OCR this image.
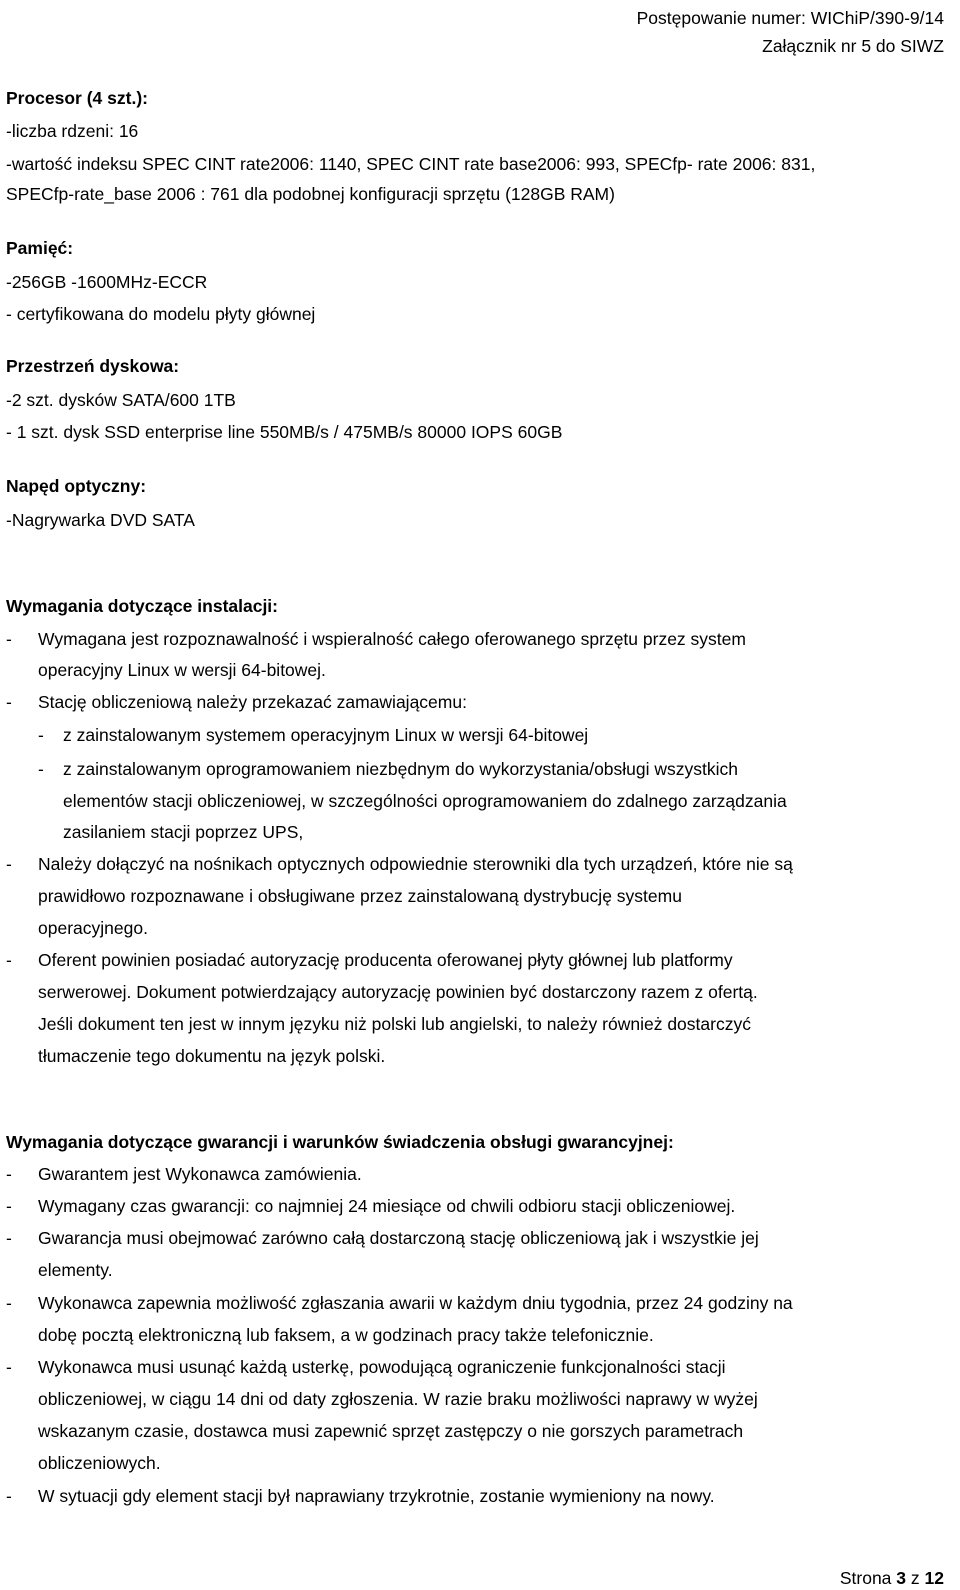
Postępowanie numer: WIChiP/390-9/14
Załącznik nr 5 do SIWZ
Procesor (4 szt.):
-liczba rdzeni: 16
-wartość indeksu SPEC CINT rate2006: 1140, SPEC CINT rate base2006: 993, SPECfp- rate 2006: 831,
SPECfp-rate_base 2006 : 761 dla podobnej konfiguracji sprzętu (128GB RAM)
Pamięć:
-256GB -1600MHz-ECCR
- certyfikowana do modelu płyty głównej
Przestrzeń dyskowa:
-2 szt. dysków SATA/600 1TB
- 1 szt. dysk SSD enterprise line 550MB/s / 475MB/s 80000 IOPS 60GB
Napęd optyczny:
-Nagrywarka DVD SATA
Wymagania dotyczące instalacji:
- Wymagana jest rozpoznawalność i wspieralność całego oferowanego sprzętu przez system
operacyjny Linux w wersji 64-bitowej.
- Stację obliczeniową należy przekazać zamawiającemu:
- z zainstalowanym systemem operacyjnym Linux w wersji 64-bitowej
- z zainstalowanym oprogramowaniem niezbędnym do wykorzystania/obsługi wszystkich
elementów stacji obliczeniowej, w szczególności oprogramowaniem do zdalnego zarządzania
zasilaniem stacji poprzez UPS,
- Należy dołączyć na nośnikach optycznych odpowiednie sterowniki dla tych urządzeń, które nie są
prawidłowo rozpoznawane i obsługiwane przez zainstalowaną dystrybucję systemu
operacyjnego.
- Oferent powinien posiadać autoryzację producenta oferowanej płyty głównej lub platformy
serwerowej. Dokument potwierdzający autoryzację powinien być dostarczony razem z ofertą.
Jeśli dokument ten jest w innym języku niż polski lub angielski, to należy również dostarczyć
tłumaczenie tego dokumentu na język polski.
Wymagania dotyczące gwarancji i warunków świadczenia obsługi gwarancyjnej:
- Gwarantem jest Wykonawca zamówienia.
- Wymagany czas gwarancji: co najmniej 24 miesiące od chwili odbioru stacji obliczeniowej.
- Gwarancja musi obejmować zarówno całą dostarczoną stację obliczeniową jak i wszystkie jej
elementy.
- Wykonawca zapewnia możliwość zgłaszania awarii w każdym dniu tygodnia, przez 24 godziny na
dobę pocztą elektroniczną lub faksem, a w godzinach pracy także telefonicznie.
- Wykonawca musi usunąć każdą usterkę, powodującą ograniczenie funkcjonalności stacji
obliczeniowej, w ciągu 14 dni od daty zgłoszenia. W razie braku możliwości naprawy w wyżej
wskazanym czasie, dostawca musi zapewnić sprzęt zastępczy o nie gorszych parametrach
obliczeniowych.
- W sytuacji gdy element stacji był naprawiany trzykrotnie, zostanie wymieniony na nowy.
Strona 3 z 12
